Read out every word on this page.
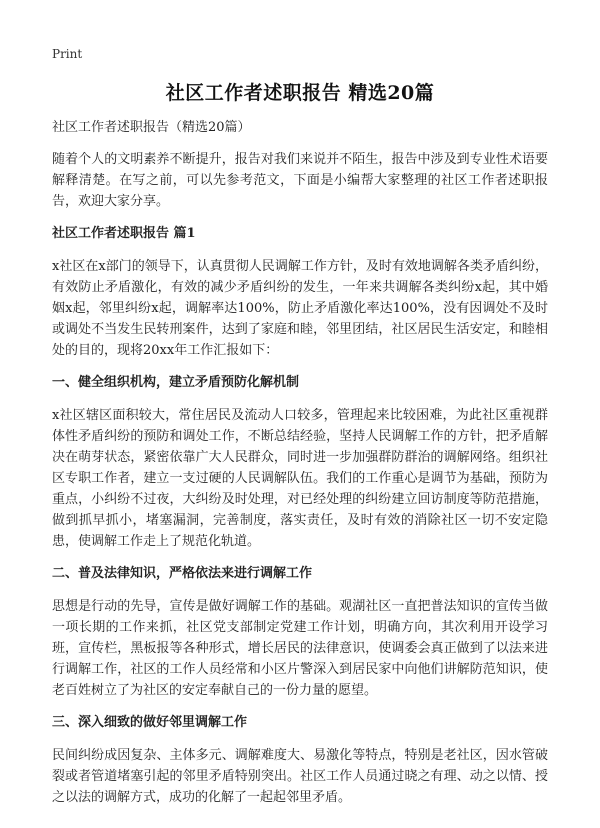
Print
社区工作者述职报告 精选20篇
社区工作者述职报告（精选20篇）

随着个人的文明素养不断提升，报告对我们来说并不陌生，报告中涉及到专业性术语要解释清楚。在写之前，可以先参考范文，下面是小编帮大家整理的社区工作者述职报告，欢迎大家分享。

社区工作者述职报告 篇1

x社区在x部门的领导下，认真贯彻人民调解工作方针，及时有效地调解各类矛盾纠纷，有效防止矛盾激化，有效的减少矛盾纠纷的发生，一年来共调解各类纠纷x起，其中婚姻x起，邻里纠纷x起，调解率达100%，防止矛盾激化率达100%，没有因调处不及时或调处不当发生民转刑案件，达到了家庭和睦，邻里团结，社区居民生活安定，和睦相处的目的，现将20xx年工作汇报如下：

一、健全组织机构，建立矛盾预防化解机制

x社区辖区面积较大，常住居民及流动人口较多，管理起来比较困难，为此社区重视群体性矛盾纠纷的预防和调处工作，不断总结经验，坚持人民调解工作的方针，把矛盾解决在萌芽状态，紧密依靠广大人民群众，同时进一步加强群防群治的调解网络。组织社区专职工作者，建立一支过硬的人民调解队伍。我们的工作重心是调节为基础，预防为重点，小纠纷不过夜，大纠纷及时处理，对已经处理的纠纷建立回访制度等防范措施，做到抓早抓小，堵塞漏洞，完善制度，落实责任，及时有效的消除社区一切不安定隐患，使调解工作走上了规范化轨道。

二、普及法律知识，严格依法来进行调解工作

思想是行动的先导，宣传是做好调解工作的基础。观湖社区一直把普法知识的宣传当做一项长期的工作来抓，社区党支部制定党建工作计划，明确方向，其次利用开设学习班，宣传栏，黑板报等各种形式，增长居民的法律意识，使调委会真正做到了以法来进行调解工作，社区的工作人员经常和小区片警深入到居民家中向他们讲解防范知识，使老百姓树立了为社区的安定奉献自己的一份力量的愿望。

三、深入细致的做好邻里调解工作

民间纠纷成因复杂、主体多元、调解难度大、易激化等特点，特别是老社区，因水管破裂或者管道堵塞引起的邻里矛盾特别突出。社区工作人员通过晓之有理、动之以情、授之以法的调解方式，成功的化解了一起起邻里矛盾。
